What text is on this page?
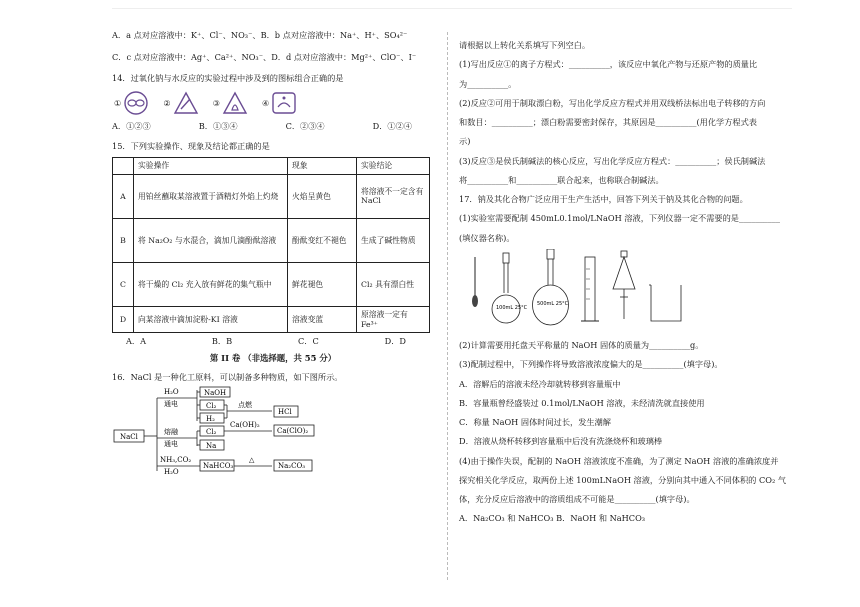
A．a 点对应溶液中：K⁺、Cl⁻、NO₃⁻、B．b 点对应溶液中：Na⁺、H⁺、SO₄²⁻

C．c 点对应溶液中：Ag⁺、Ca²⁺、NO₃⁻、D．d 点对应溶液中：Mg²⁺、ClO⁻、I⁻

14．过氧化钠与水反应的实验过程中涉及到的图标组合正确的是

①	②	③	④
A．①②③	B．①③④	C．②③④	D．①②④

15．下列实验操作、现象及结论都正确的是

	实验操作	现象	实验结论
A	用铂丝蘸取某溶液置于酒精灯外焰上灼烧	火焰呈黄色	将溶液不一定含有 NaCl
B	将 Na₂O₂ 与水混合，滴加几滴酚酞溶液	酚酞变红不褪色	生成了碱性物质
C	将干燥的 Cl₂ 充入放有鲜花的集气瓶中	鲜花褪色	Cl₂ 具有漂白性
D	向某溶液中滴加淀粉-KI 溶液	溶液变蓝	原溶液一定有 Fe³⁺
A．A	B．B	C．C	D．D

第 II 卷 （非选择题，共 55 分）

16．NaCl 是一种化工原料，可以制备多种物质，如下图所示。

NaCl
H₂O
通电
NaOH
Cl₂
H₂
点燃
HCl
熔融
通电
Cl₂
Na
Ca(OH)₂
Ca(ClO)₂
NH₃,CO₂
H₂O
NaHCO₃
△
Na₂CO₃

请根据以上转化关系填写下列空白。

(1)写出反应①的离子方程式：__________，该反应中氧化产物与还原产物的质量比

为__________。

(2)反应②可用于制取漂白粉，写出化学反应方程式并用双线桥法标出电子转移的方向

和数目：__________；漂白粉需要密封保存，其原因是__________(用化学方程式表

示)

(3)反应③是侯氏制碱法的核心反应，写出化学反应方程式：__________；侯氏制碱法

将__________和__________联合起来，也称联合制碱法。

17．钠及其化合物广泛应用于生产生活中，回答下列关于钠及其化合物的问题。

(1)实验室需要配制 450mL0.1mol/LNaOH 溶液，下列仪器一定不需要的是__________

(填仪器名称)。

100mL 25°C
500mL 25°C

(2)计算需要用托盘天平称量的 NaOH 固体的质量为__________g。

(3)配制过程中，下列操作将导致溶液浓度偏大的是__________(填字母)。

A．溶解后的溶液未经冷却就转移到容量瓶中

B．容量瓶曾经盛装过 0.1mol/LNaOH 溶液，未经清洗就直接使用

C．称量 NaOH 固体时间过长，发生潮解

D．溶液从烧杯转移到容量瓶中后没有洗涤烧杯和玻璃棒

(4)由于操作失误，配制的 NaOH 溶液浓度不准确，为了测定 NaOH 溶液的准确浓度并

探究相关化学反应，取两份上述 100mLNaOH 溶液，分别向其中通入不同体积的 CO₂ 气

体，充分反应后溶液中的溶质组成不可能是__________(填字母)。

A．Na₂CO₃ 和 NaHCO₃ B．NaOH 和 NaHCO₃
